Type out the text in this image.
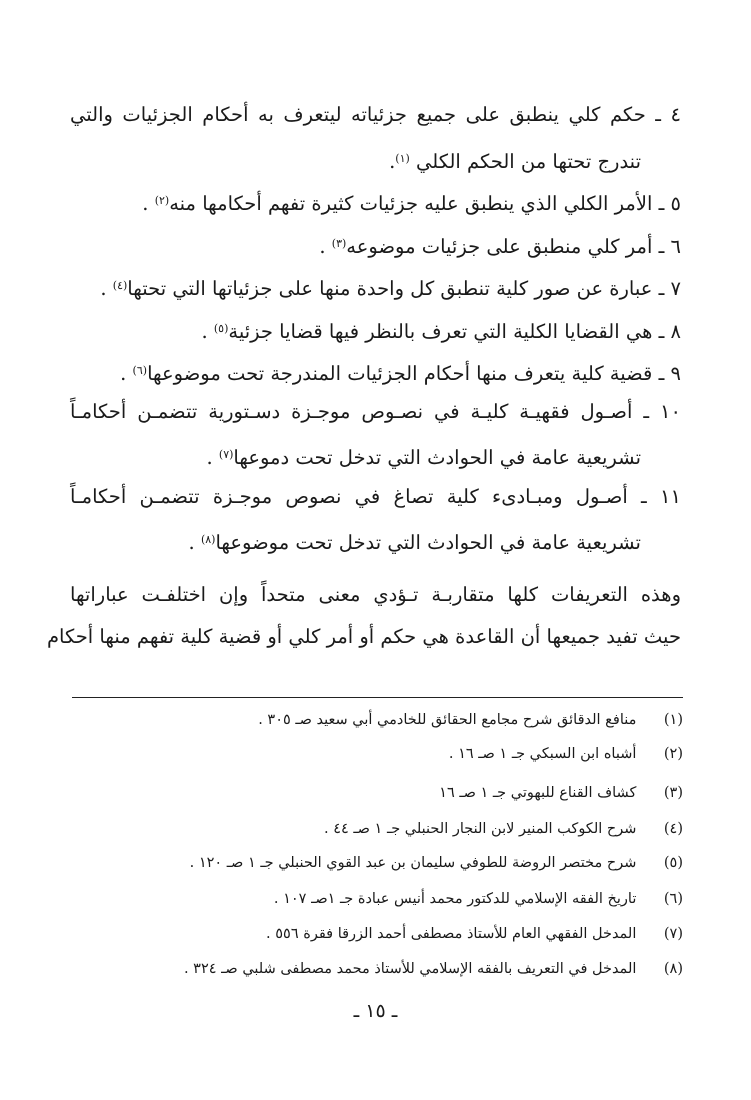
٤ ـ حكم كلي ينطبق على جميع جزئياته ليتعرف به أحكام الجزئيات والتي
تندرج تحتها من الحكم الكلي $^{(١)}$.
٥ ـ الأمر الكلي الذي ينطبق عليه جزئيات كثيرة تفهم أحكامها منه$^{(٢)}$ .
٦ ـ أمر كلي منطبق على جزئيات موضوعه$^{(٣)}$ .
٧ ـ عبارة عن صور كلية تنطبق كل واحدة منها على جزئياتها التي تحتها$^{(٤)}$ .
٨ ـ هي القضايا الكلية التي تعرف بالنظر فيها قضايا جزئية$^{(٥)}$ .
٩ ـ قضية كلية يتعرف منها أحكام الجزئيات المندرجة تحت موضوعها$^{(٦)}$ .
١٠ ـ أصـول فقهيـة كليـة في نصـوص موجـزة دسـتورية تتضمـن أحكامـاً
تشريعية عامة في الحوادث التي تدخل تحت دموعها$^{(٧)}$ .
١١ ـ أصـول ومبـادىء كلية تصاغ في نصوص موجـزة تتضمـن أحكامـاً
تشريعية عامة في الحوادث التي تدخل تحت موضوعها$^{(٨)}$ .
وهذه التعريفات كلها متقاربـة تـؤدي معنى متحداً وإن اختلفـت عباراتها
حيث تفيد جميعها أن القاعدة هي حكم أو أمر كلي أو قضية كلية تفهم منها أحكام
(١) منافع الدقائق شرح مجامع الحقائق للخادمي أبي سعيد صـ ٣٠٥ .
(٢) أشباه ابن السبكي جـ ١ صـ ١٦ .
(٣) كشاف القناع للبهوتي جـ ١ صـ ١٦
(٤) شرح الكوكب المنير لابن النجار الحنبلي جـ ١ صـ ٤٤ .
(٥) شرح مختصر الروضة للطوفي سليمان بن عبد القوي الحنبلي جـ ١ صـ ١٢٠ .
(٦) تاريخ الفقه الإسلامي للدكتور محمد أنيس عبادة جـ ١صـ ١٠٧ .
(٧) المدخل الفقهي العام للأستاذ مصطفى أحمد الزرقا فقرة ٥٥٦ .
(٨) المدخل في التعريف بالفقه الإسلامي للأستاذ محمد مصطفى شلبي صـ ٣٢٤ .
ـ ١٥ ـ
